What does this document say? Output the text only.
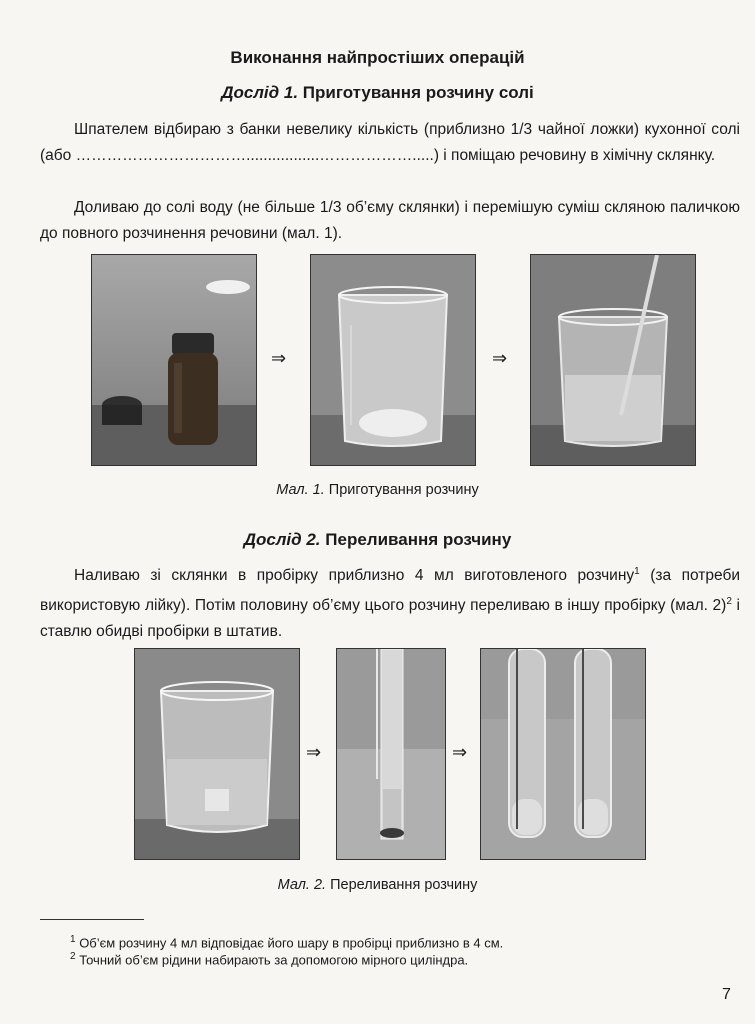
Виконання найпростіших операцій
Дослід 1. Приготування розчину солі
Шпателем відбираю з банки невелику кількість (приблизно 1/3 чайної ложки) кухонної солі (або …………………………….................……………….....) і поміщаю речовину в хімічну склянку.
Доливаю до солі воду (не більше 1/3 об’єму склянки) і перемішую суміш скляною паличкою до повного розчинення речовини (мал. 1).
⇒	⇒
Мал. 1. Приготування розчину
Дослід 2. Переливання розчину
Наливаю зі склянки в пробірку приблизно 4 мл виготовленого розчину$^1$ (за потреби використовую лійку). Потім половину об’єму цього розчину переливаю в іншу пробірку (мал. 2)$^2$ і ставлю обидві пробірки в штатив.
⇒	⇒
Мал. 2. Переливання розчину
$^1$ Об’єм розчину 4 мл відповідає його шару в пробірці приблизно в 4 см.
$^2$ Точний об’єм рідини набирають за допомогою мірного циліндра.
7
